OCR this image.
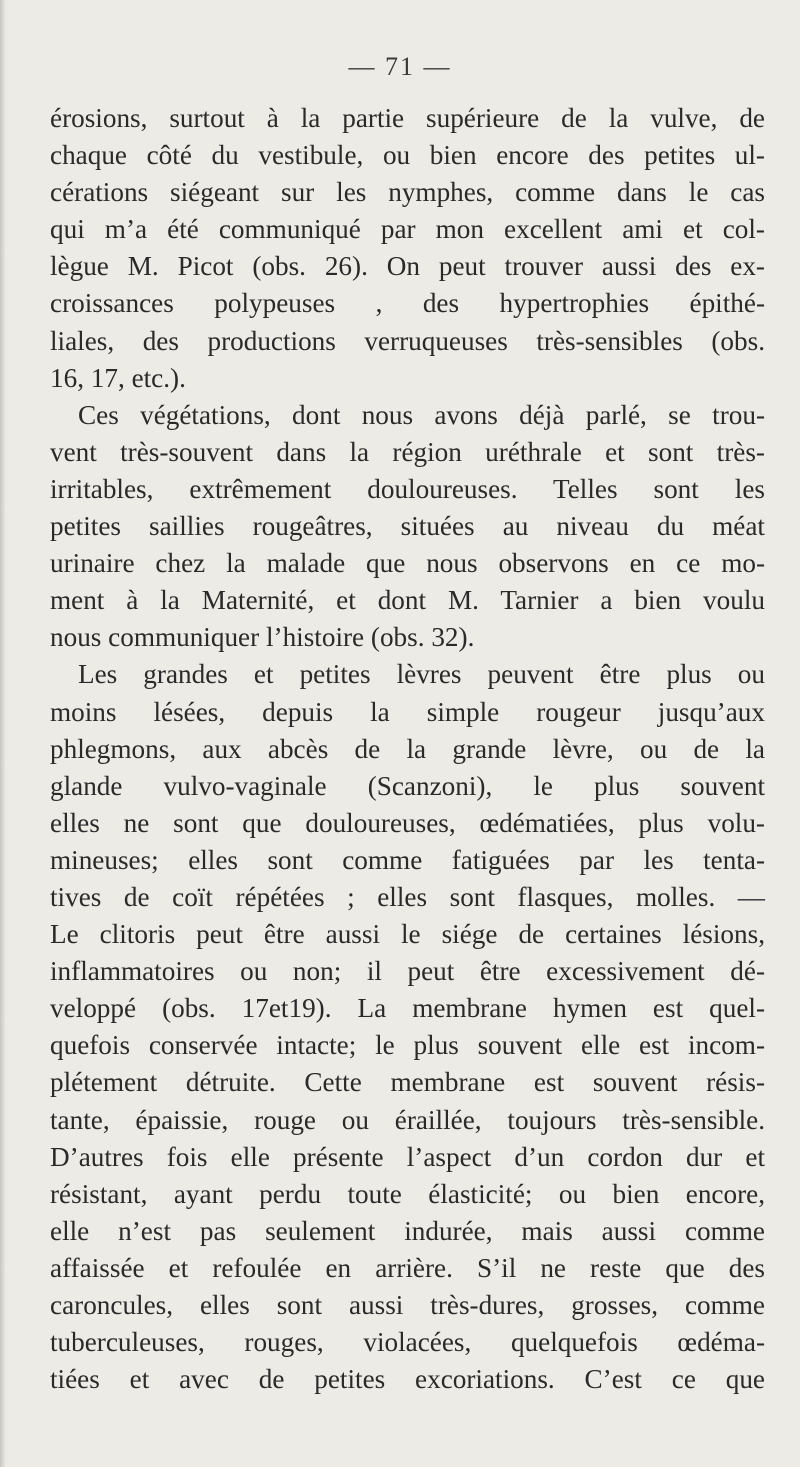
— 71 —
érosions, surtout à la partie supérieure de la vulve, de
chaque côté du vestibule, ou bien encore des petites ul-
cérations siégeant sur les nymphes, comme dans le cas
qui m’a été communiqué par mon excellent ami et col-
lègue M. Picot (obs. 26). On peut trouver aussi des ex-
croissances polypeuses , des hypertrophies épithé-
liales, des productions verruqueuses très-sensibles (obs.
16, 17, etc.).
Ces végétations, dont nous avons déjà parlé, se trou-
vent très-souvent dans la région uréthrale et sont très-
irritables, extrêmement douloureuses. Telles sont les
petites saillies rougeâtres, situées au niveau du méat
urinaire chez la malade que nous observons en ce mo-
ment à la Maternité, et dont M. Tarnier a bien voulu
nous communiquer l’histoire (obs. 32).
Les grandes et petites lèvres peuvent être plus ou
moins lésées, depuis la simple rougeur jusqu’aux
phlegmons, aux abcès de la grande lèvre, ou de la
glande vulvo-vaginale (Scanzoni), le plus souvent
elles ne sont que douloureuses, œdématiées, plus volu-
mineuses; elles sont comme fatiguées par les tenta-
tives de coït répétées ; elles sont flasques, molles. —
Le clitoris peut être aussi le siége de certaines lésions,
inflammatoires ou non; il peut être excessivement dé-
veloppé (obs. 17et19). La membrane hymen est quel-
quefois conservée intacte; le plus souvent elle est incom-
plétement détruite. Cette membrane est souvent résis-
tante, épaissie, rouge ou éraillée, toujours très-sensible.
D’autres fois elle présente l’aspect d’un cordon dur et
résistant, ayant perdu toute élasticité; ou bien encore,
elle n’est pas seulement indurée, mais aussi comme
affaissée et refoulée en arrière. S’il ne reste que des
caroncules, elles sont aussi très-dures, grosses, comme
tuberculeuses, rouges, violacées, quelquefois œdéma-
tiées et avec de petites excoriations. C’est ce que
